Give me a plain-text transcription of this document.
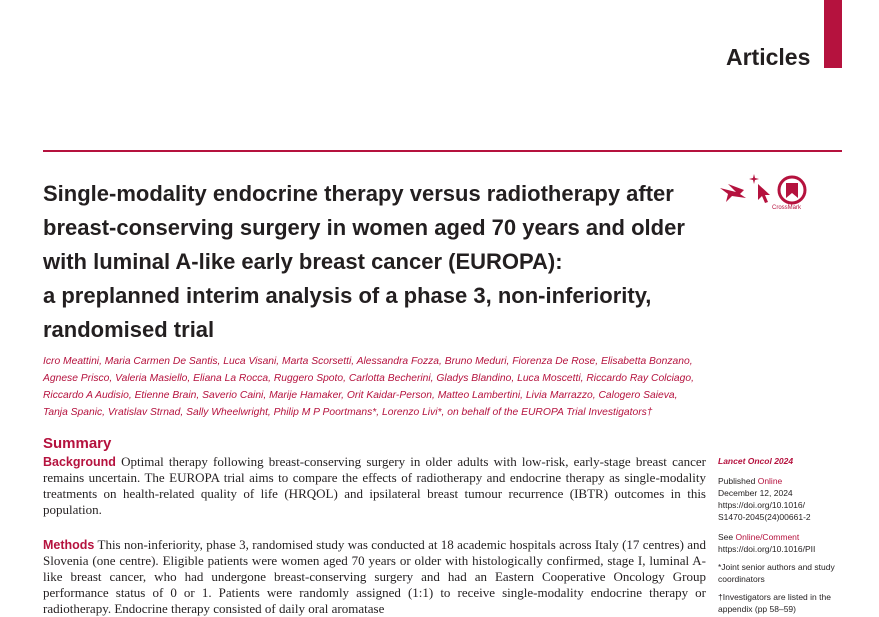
Articles
Single-modality endocrine therapy versus radiotherapy after
breast-conserving surgery in women aged 70 years and older
with luminal A-like early breast cancer (EUROPA):
a preplanned interim analysis of a phase 3, non-inferiority,
randomised trial
CrossMark
Icro Meattini, Maria Carmen De Santis, Luca Visani, Marta Scorsetti, Alessandra Fozza, Bruno Meduri, Fiorenza De Rose, Elisabetta Bonzano,
Agnese Prisco, Valeria Masiello, Eliana La Rocca, Ruggero Spoto, Carlotta Becherini, Gladys Blandino, Luca Moscetti, Riccardo Ray Colciago,
Riccardo A Audisio, Etienne Brain, Saverio Caini, Marije Hamaker, Orit Kaidar-Person, Matteo Lambertini, Livia Marrazzo, Calogero Saieva,
Tanja Spanic, Vratislav Strnad, Sally Wheelwright, Philip M P Poortmans*, Lorenzo Livi*, on behalf of the EUROPA Trial Investigators†
Summary

Background Optimal therapy following breast-conserving surgery in older adults with low-risk, early-stage breast cancer remains uncertain. The EUROPA trial aims to compare the effects of radiotherapy and endocrine therapy as single-modality treatments on health-related quality of life (HRQOL) and ipsilateral breast tumour recurrence (IBTR) outcomes in this population.

Methods This non-inferiority, phase 3, randomised study was conducted at 18 academic hospitals across Italy (17 centres) and Slovenia (one centre). Eligible patients were women aged 70 years or older with histologically confirmed, stage I, luminal A-like breast cancer, who had undergone breast-conserving surgery and had an Eastern Cooperative Oncology Group performance status of 0 or 1. Patients were randomly assigned (1:1) to receive single-modality endocrine therapy or radiotherapy. Endocrine therapy consisted of daily oral aromatase

Lancet Oncol 2024
Published Online
December 12, 2024
https://doi.org/10.1016/
S1470-2045(24)00661-2
See Online/Comment
https://doi.org/10.1016/PII
*Joint senior authors and study
coordinators
†Investigators are listed in the
appendix (pp 58–59)
